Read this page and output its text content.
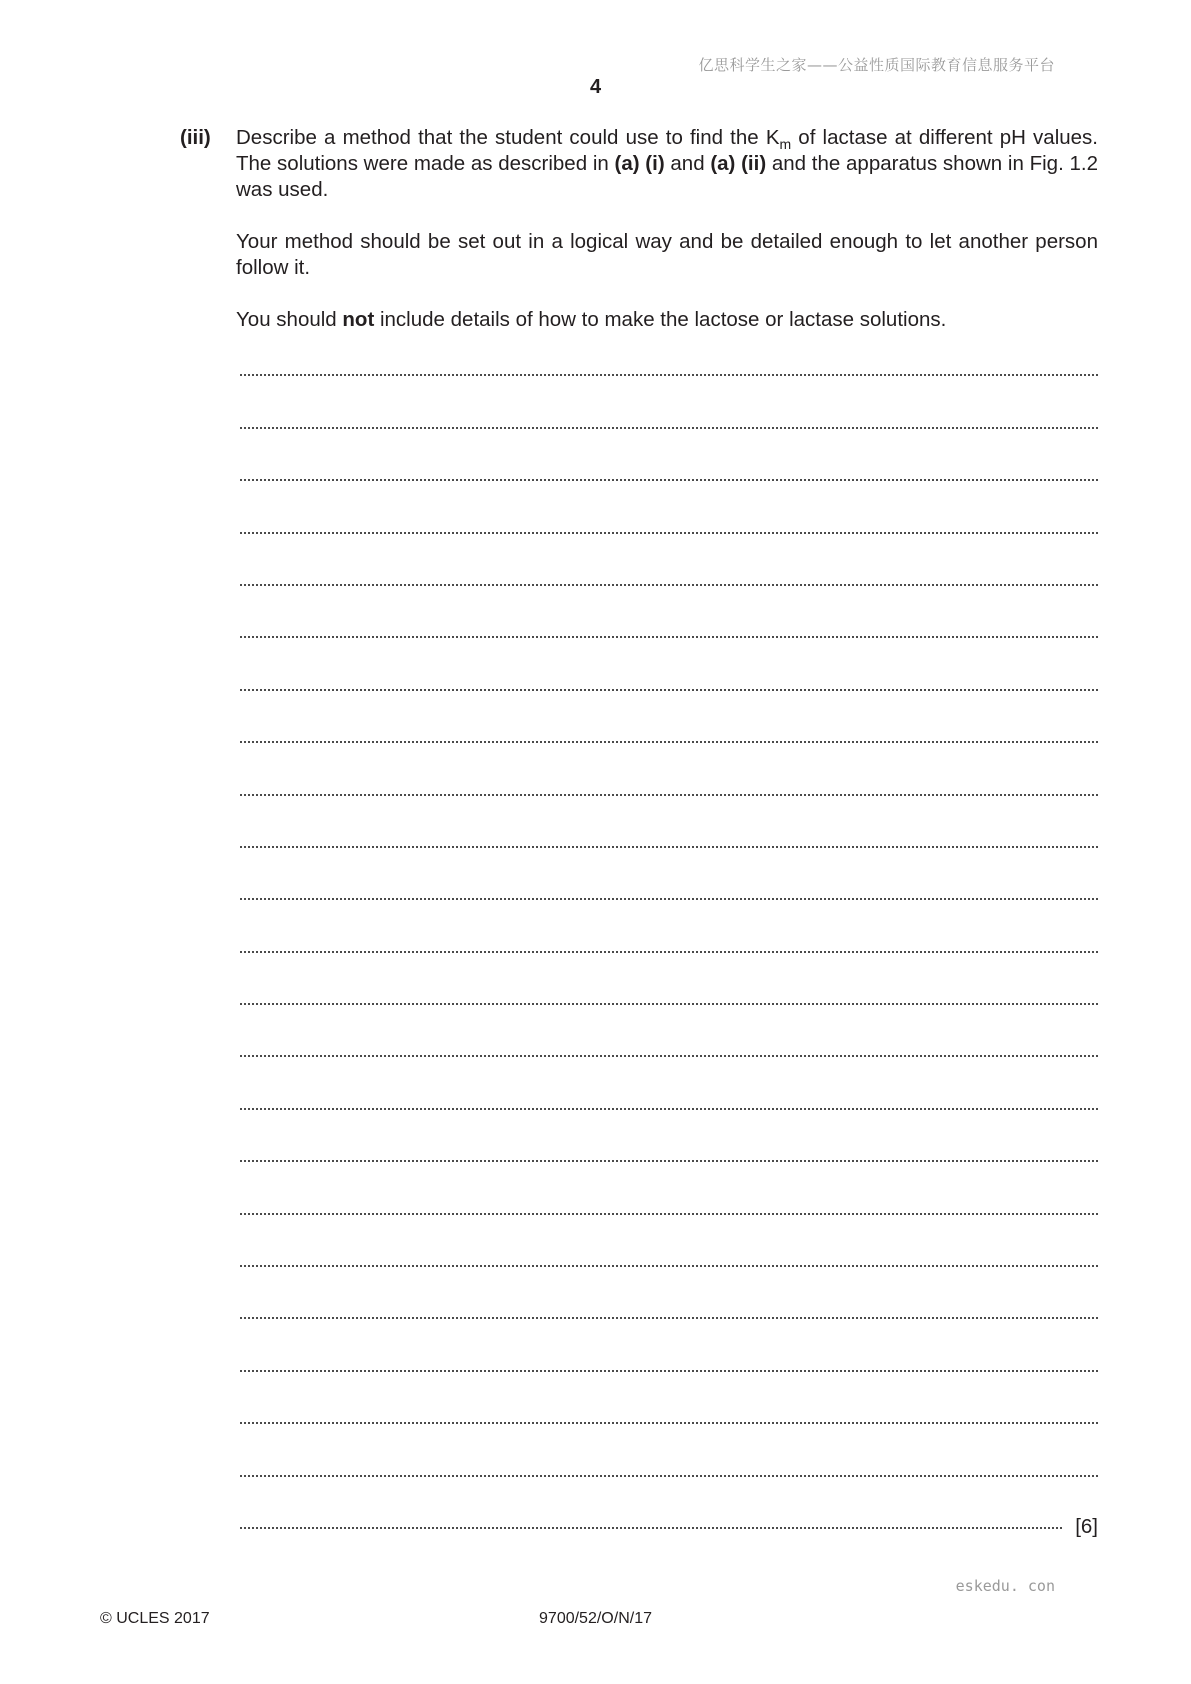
亿思科学生之家——公益性质国际教育信息服务平台
4
(iii) Describe a method that the student could use to find the $K_m$ of lactase at different pH values. The solutions were made as described in (a) (i) and (a) (ii) and the apparatus shown in Fig. 1.2 was used.

Your method should be set out in a logical way and be detailed enough to let another person follow it.

You should not include details of how to make the lactose or lactase solutions.

[6]
eskedu. con
© UCLES 2017	9700/52/O/N/17
